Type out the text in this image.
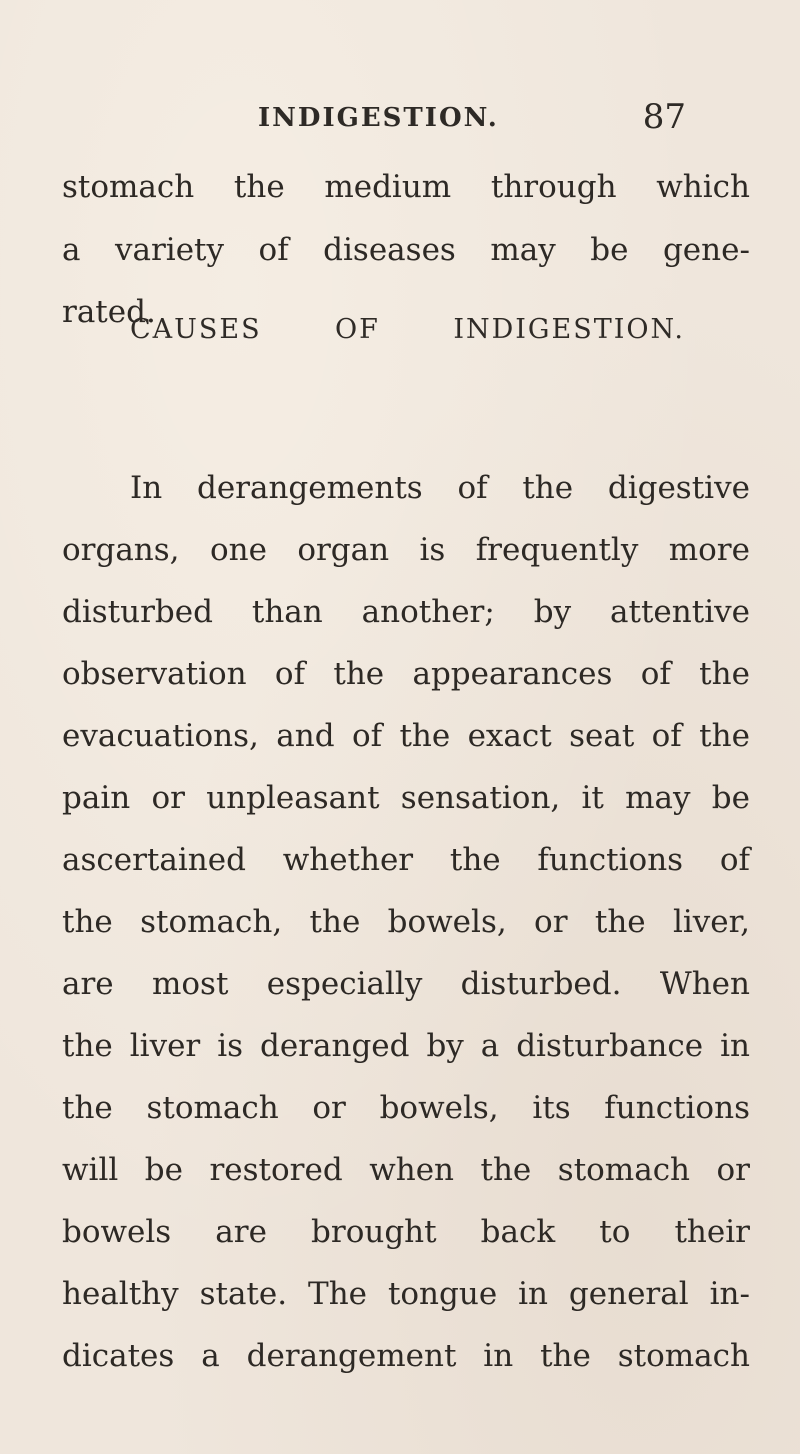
INDIGESTION.	87
stomach the medium through which
a variety of diseases may be gene-
rated.
CAUSES	OF	INDIGESTION.
In derangements of the digestive
organs, one organ is frequently more
disturbed than another; by attentive
observation of the appearances of the
evacuations, and of the exact seat of the
pain or unpleasant sensation, it may be
ascertained whether the functions of
the stomach, the bowels, or the liver,
are most especially disturbed. When
the liver is deranged by a disturbance in
the stomach or bowels, its functions
will be restored when the stomach or
bowels are brought back to their
healthy state. The tongue in general in-
dicates a derangement in the stomach
